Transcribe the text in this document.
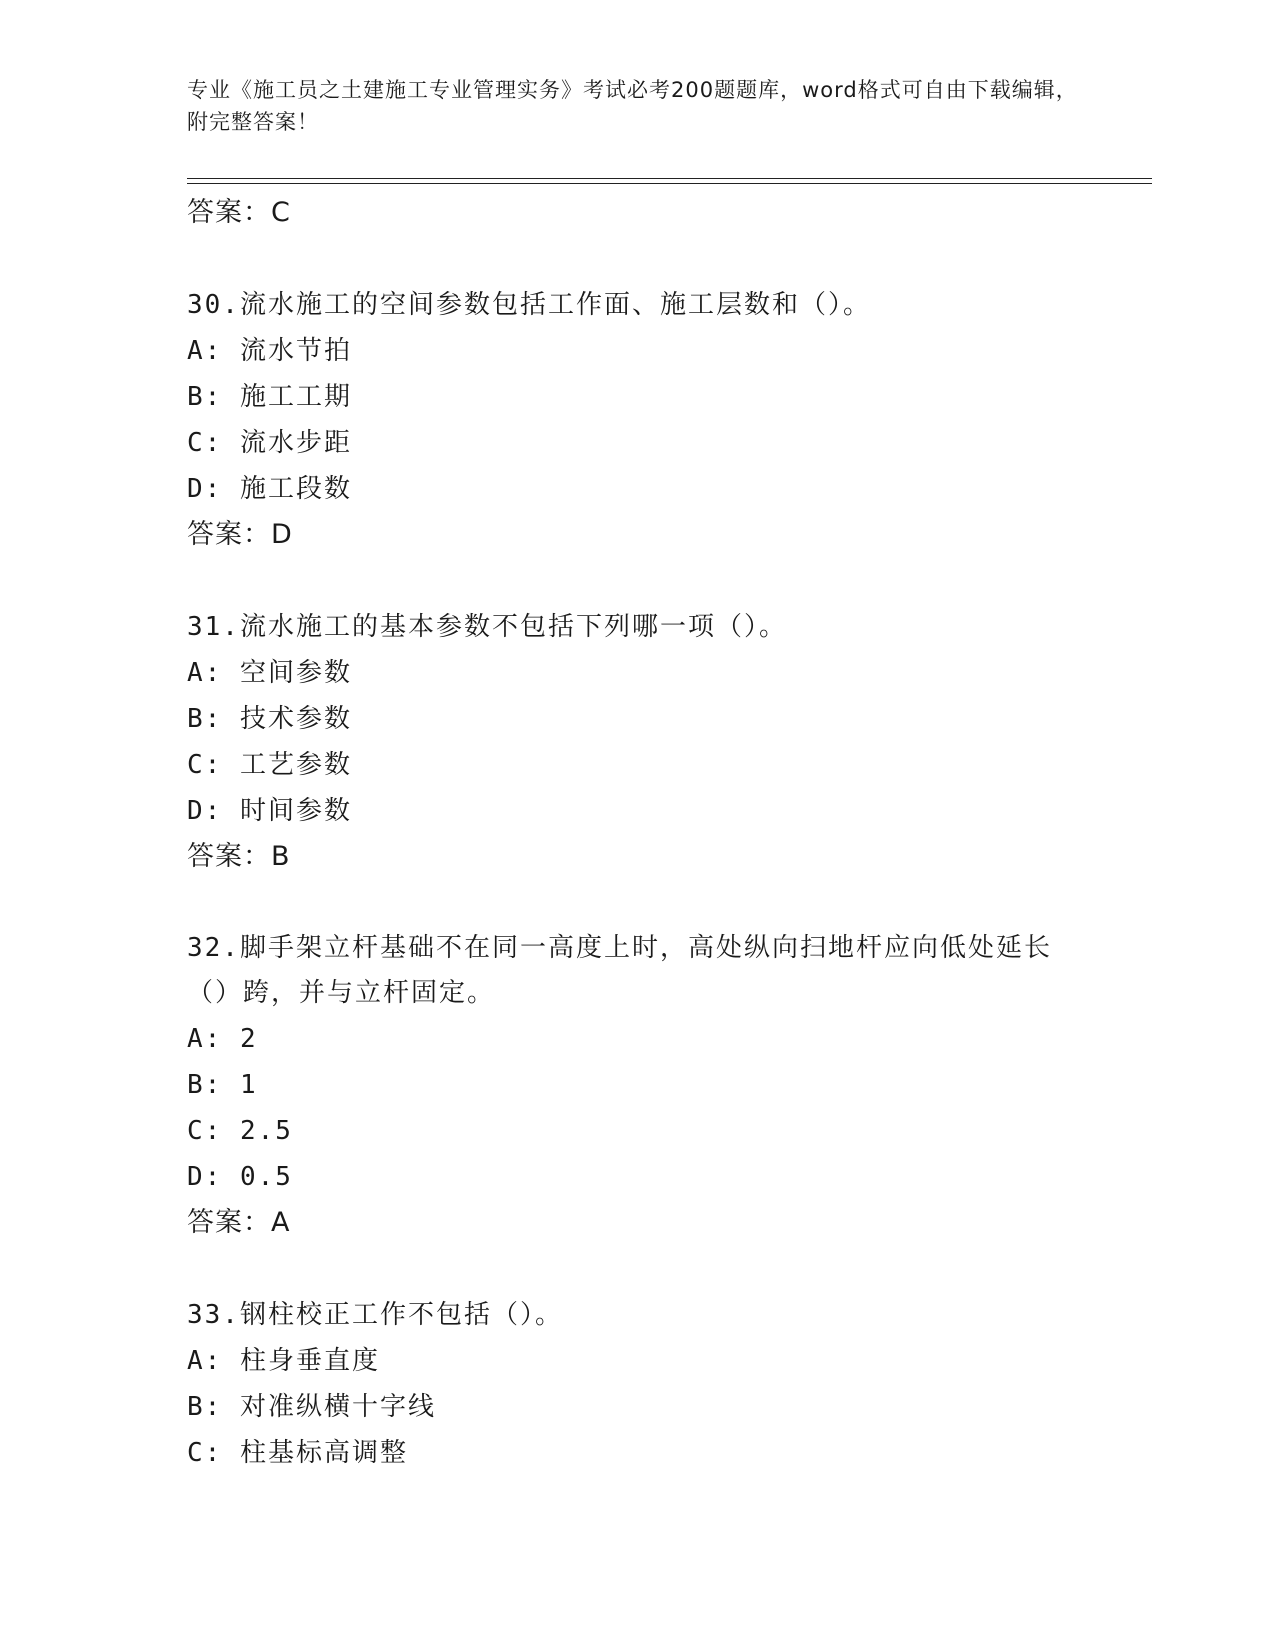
专业《施工员之土建施工专业管理实务》考试必考200题题库，word格式可自由下载编辑，附完整答案！
答案：C
30.流水施工的空间参数包括工作面、施工层数和（）。
A: 流水节拍
B: 施工工期
C: 流水步距
D: 施工段数
答案：D
31.流水施工的基本参数不包括下列哪一项（）。
A: 空间参数
B: 技术参数
C: 工艺参数
D: 时间参数
答案：B
32.脚手架立杆基础不在同一高度上时，高处纵向扫地杆应向低处延长（）跨，并与立杆固定。
A: 2
B: 1
C: 2.5
D: 0.5
答案：A
33.钢柱校正工作不包括（）。
A: 柱身垂直度
B: 对准纵横十字线
C: 柱基标高调整
